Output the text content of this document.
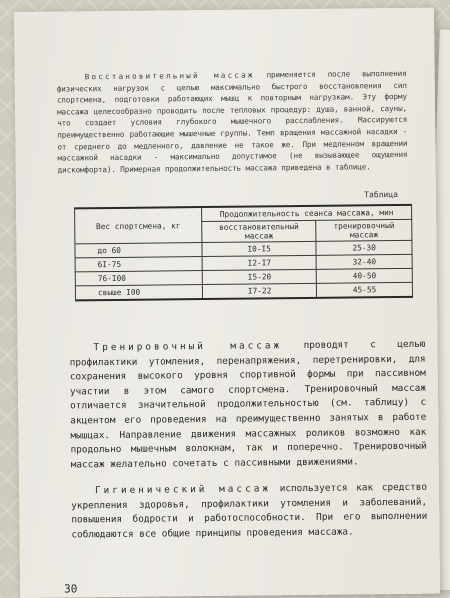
Восстановительный массаж применяется после выполнения физических нагрузок с целью максимально быстрого восстановления сил спортсмена, подготовки работающих мышц к повторным нагрузкам. Эту форму массажа целесообразно проводить после тепловых процедур: душа, ванной, сауны, что создает условия глубокого мышечного расслабления. Массируются преимущественно работающие мышечные группы. Темп вращения массажной насадки - от среднего до медленного, давление не такое же. При медленном вращении массажной насадки - максимально допустимое (не вызывающее ощущения дискомфорта). Примерная продолжительность массажа приведена в таблице.
Таблица
Вес спортсмена, кг	Продолжительность сеанса массажа, мин	
	восстановительный массаж	тренировочный массаж
до 60	I0-I5	25-30
6I-75	I2-I7	32-40
76-I00	I5-20	40-50
свыше I00	I7-22	45-55
Тренировочный массаж проводят с целью профилактики утомления, перенапряжения, перетренировки, для сохранения высокого уровня спортивной формы при пассивном участии в этом самого спортсмена. Тренировочный массаж отличается значительной продолжительностью (см. таблицу) с акцентом его проведения на преимущественно занятых в работе мышцах. Направление движения массажных роликов возможно как продольно мышечным волокнам, так и поперечно. Тренировочный массаж желательно сочетать с пассивными движениями.
Гигиенический массаж используется как средство укрепления здоровья, профилактики утомления и заболеваний, повышения бодрости и работоспособности. При его выполнении соблюдаются все общие принципы проведения массажа.
30
